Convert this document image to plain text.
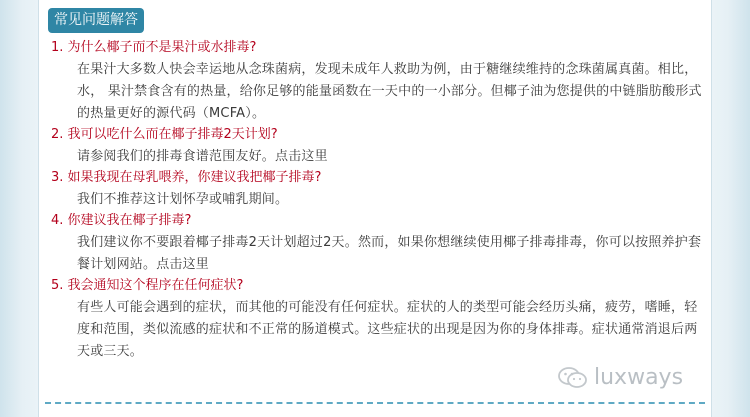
常见问题解答
1. 为什么椰子而不是果汁或水排毒?
在果汁大多数人快会幸运地从念珠菌病，发现未成年人救助为例，由于糖继续维持的念珠菌属真菌。相比，水， 果汁禁食含有的热量，给你足够的能量函数在一天中的一小部分。但椰子油为您提供的中链脂肪酸形式的热量更好的源代码（MCFA）。
2. 我可以吃什么而在椰子排毒2天计划?
请参阅我们的排毒食谱范围友好。点击这里
3. 如果我现在母乳喂养，你建议我把椰子排毒?
我们不推荐这计划怀孕或哺乳期间。
4. 你建议我在椰子排毒?
我们建议你不要跟着椰子排毒2天计划超过2天。然而，如果你想继续使用椰子排毒排毒，你可以按照养护套餐计划网站。点击这里
5. 我会通知这个程序在任何症状?
有些人可能会遇到的症状，而其他的可能没有任何症状。症状的人的类型可能会经历头痛，疲劳，嗜睡，轻度和范围，类似流感的症状和不正常的肠道模式。这些症状的出现是因为你的身体排毒。症状通常消退后两天或三天。
luxways
